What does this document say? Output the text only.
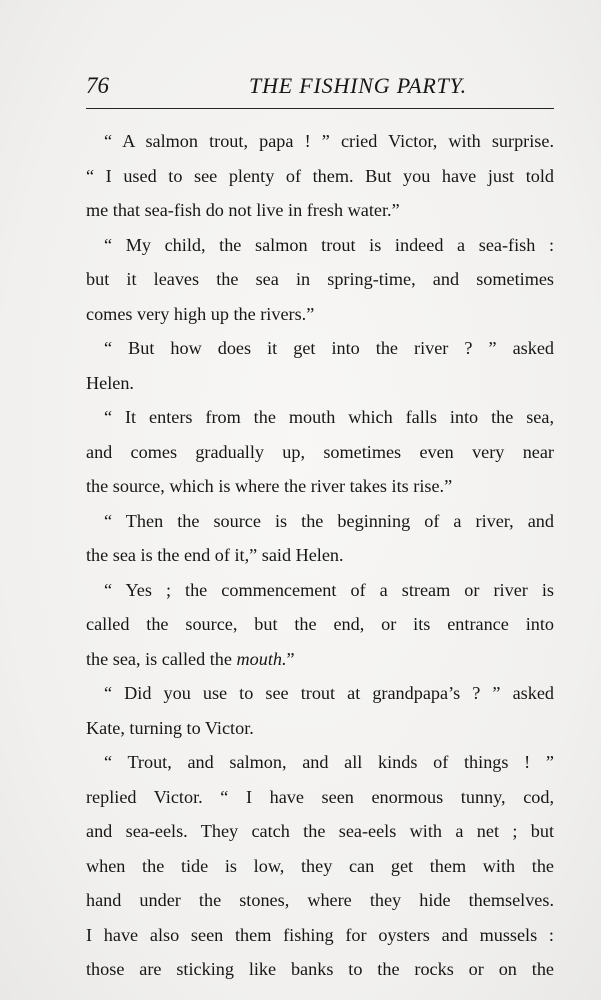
76	THE FISHING PARTY.
“ A salmon trout, papa ! ” cried Victor, with surprise.
“ I used to see plenty of them. But you have just told
me that sea-fish do not live in fresh water.”
“ My child, the salmon trout is indeed a sea-fish :
but it leaves the sea in spring-time, and sometimes
comes very high up the rivers.”
“ But how does it get into the river ? ” asked
Helen.
“ It enters from the mouth which falls into the sea,
and comes gradually up, sometimes even very near
the source, which is where the river takes its rise.”
“ Then the source is the beginning of a river, and
the sea is the end of it,” said Helen.
“ Yes ; the commencement of a stream or river is
called the source, but the end, or its entrance into
the sea, is called the mouth.”
“ Did you use to see trout at grandpapa’s ? ” asked
Kate, turning to Victor.
“ Trout, and salmon, and all kinds of things ! ”
replied Victor. “ I have seen enormous tunny, cod,
and sea-eels. They catch the sea-eels with a net ; but
when the tide is low, they can get them with the
hand under the stones, where they hide themselves.
I have also seen them fishing for oysters and mussels :
those are sticking like banks to the rocks or on the
